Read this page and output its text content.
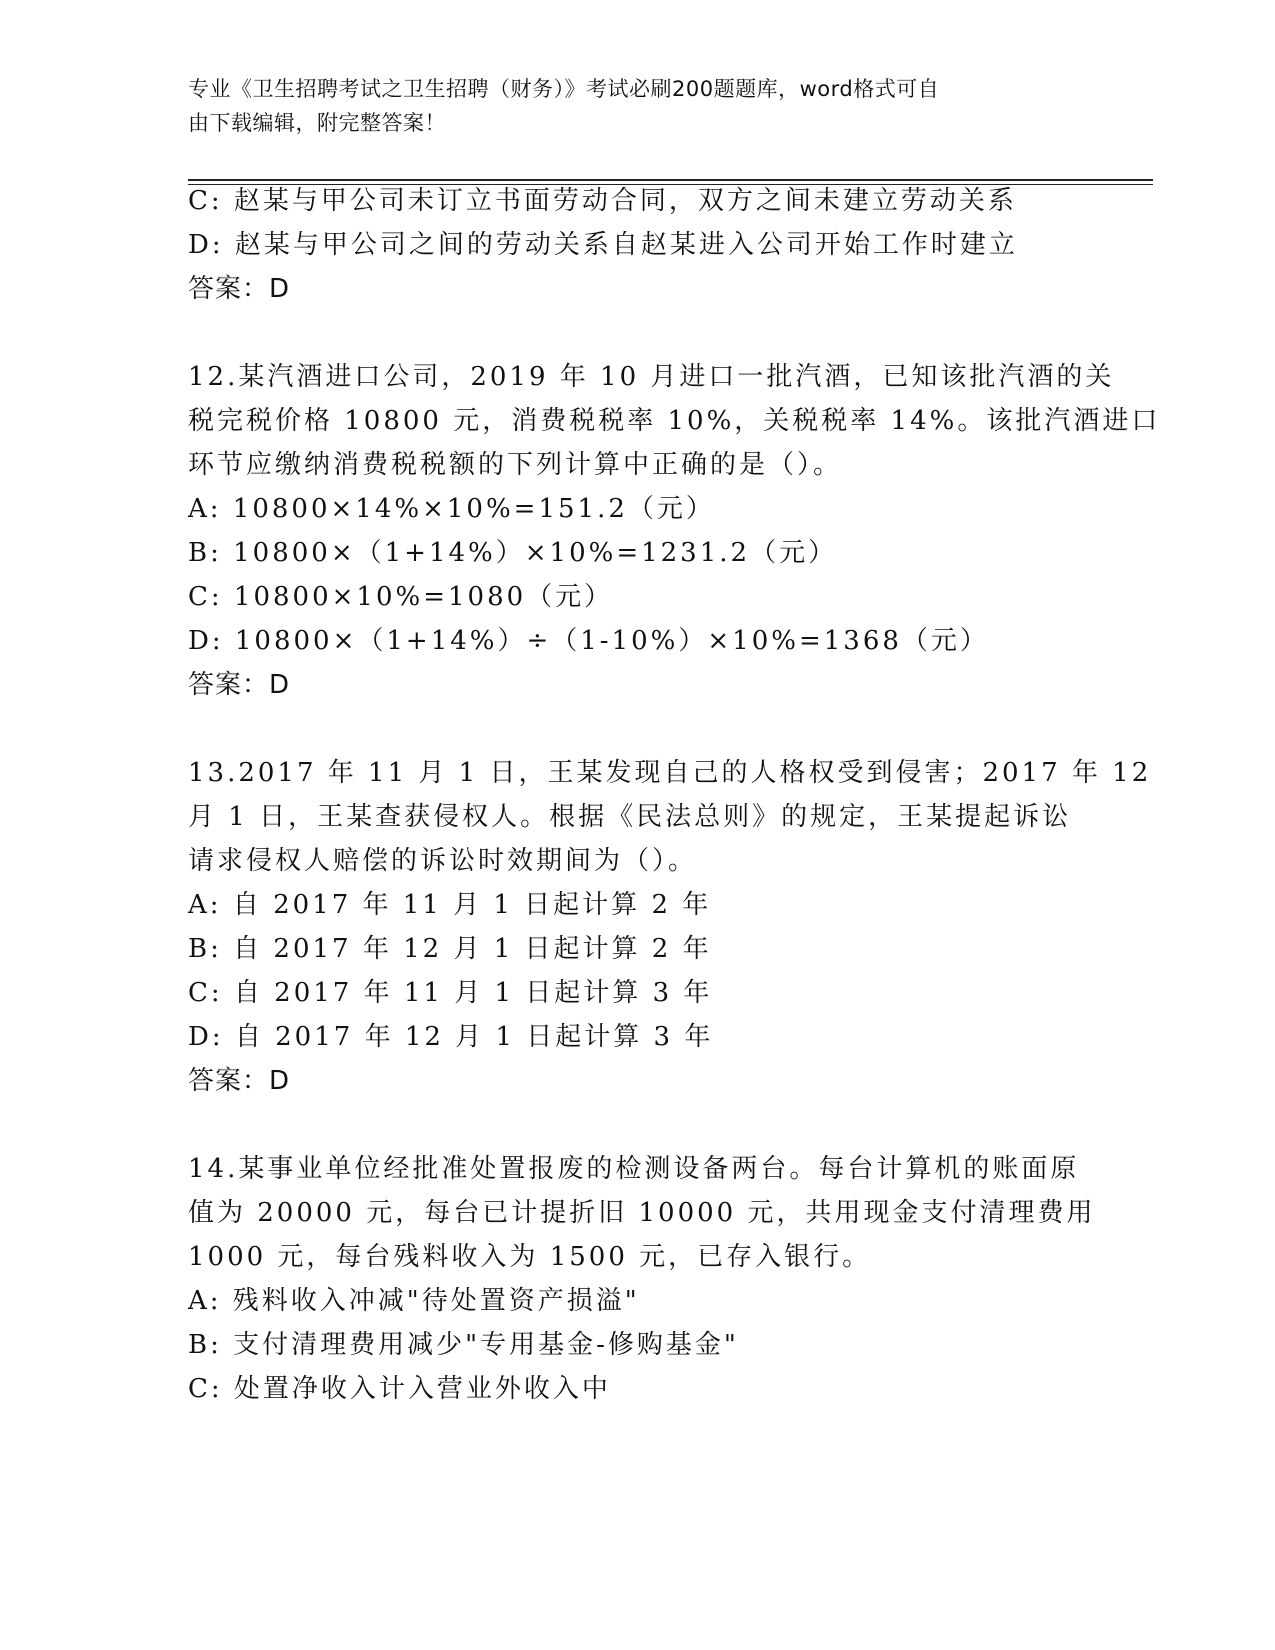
专业《卫生招聘考试之卫生招聘（财务）》考试必刷200题题库，word格式可自
由下载编辑，附完整答案！
C: 赵某与甲公司未订立书面劳动合同，双方之间未建立劳动关系
D: 赵某与甲公司之间的劳动关系自赵某进入公司开始工作时建立
答案：D
12.某汽酒进口公司，2019 年 10 月进口一批汽酒，已知该批汽酒的关
税完税价格 10800 元，消费税税率 10%，关税税率 14%。该批汽酒进口
环节应缴纳消费税税额的下列计算中正确的是（）。
A: 10800×14%×10%=151.2（元）
B: 10800×（1+14%）×10%=1231.2（元）
C: 10800×10%=1080（元）
D: 10800×（1+14%）÷（1-10%）×10%=1368（元）
答案：D
13.2017 年 11 月 1 日，王某发现自己的人格权受到侵害；2017 年 12
月 1 日，王某查获侵权人。根据《民法总则》的规定，王某提起诉讼
请求侵权人赔偿的诉讼时效期间为（）。
A: 自 2017 年 11 月 1 日起计算 2 年
B: 自 2017 年 12 月 1 日起计算 2 年
C: 自 2017 年 11 月 1 日起计算 3 年
D: 自 2017 年 12 月 1 日起计算 3 年
答案：D
14.某事业单位经批准处置报废的检测设备两台。每台计算机的账面原
值为 20000 元，每台已计提折旧 10000 元，共用现金支付清理费用
1000 元，每台残料收入为 1500 元，已存入银行。
A: 残料收入冲减"待处置资产损溢"
B: 支付清理费用减少"专用基金-修购基金"
C: 处置净收入计入营业外收入中
